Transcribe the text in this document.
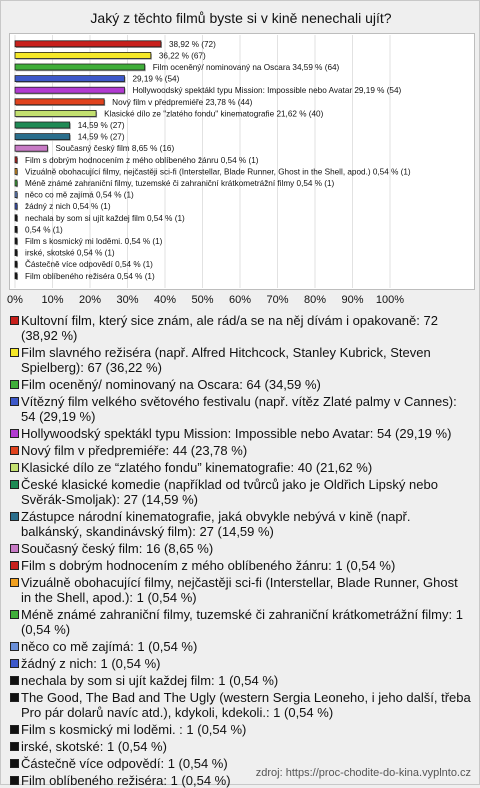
Jaký z těchto filmů byste si v kině nenechali ujít?
38,92 % (72)
36,22 % (67)
Film oceněný/ nominovaný na Oscara 34,59 % (64)
29,19 % (54)
Hollywoodský spektákl typu Mission: Impossible nebo Avatar 29,19 % (54)
Nový film v předpremiéře 23,78 % (44)
Klasické dílo ze "zlatého fondu" kinematografie 21,62 % (40)
14,59 % (27)
14,59 % (27)
Současný český film 8,65 % (16)
Film s dobrým hodnocením z mého oblíbeného žánru 0,54 % (1)
Vizuálně obohacující filmy, nejčastěji sci-fi (Interstellar, Blade Runner, Ghost in the Shell, apod.) 0,54 % (1)
Méně známé zahraniční filmy, tuzemské či zahraniční krátkometrážní filmy 0,54 % (1)
něco co mě zajímá 0,54 % (1)
žádný z nich 0,54 % (1)
nechala by som si ujít každej film 0,54 % (1)
0,54 % (1)
Film s kosmický mi loděmi. 0,54 % (1)
irské, skotské 0,54 % (1)
Částečně více odpovědí 0,54 % (1)
Film oblíbeného režiséra 0,54 % (1)
Kultovní film, který sice znám, ale rád/a se na něj dívám i opakovaně: 72 (38,92 %)
Film slavného režiséra (např. Alfred Hitchcock, Stanley Kubrick, Steven Spielberg): 67 (36,22 %)
Film oceněný/ nominovaný na Oscara: 64 (34,59 %)
Vítězný film velkého světového festivalu (např. vítěz Zlaté palmy v Cannes): 54 (29,19 %)
Hollywoodský spektákl typu Mission: Impossible nebo Avatar: 54 (29,19 %)
Nový film v předpremiéře: 44 (23,78 %)
Klasické dílo ze “zlatého fondu” kinematografie: 40 (21,62 %)
České klasické komedie (například od tvůrců jako je Oldřich Lipský nebo Svěrák-Smoljak): 27 (14,59 %)
Zástupce národní kinematografie, jaká obvykle nebývá v kině (např. balkánský, skandinávský film): 27 (14,59 %)
Současný český film: 16 (8,65 %)
Film s dobrým hodnocením z mého oblíbeného žánru: 1 (0,54 %)
Vizuálně obohacující filmy, nejčastěji sci-fi (Interstellar, Blade Runner, Ghost in the Shell, apod.): 1 (0,54 %)
Méně známé zahraniční filmy, tuzemské či zahraniční krátkometrážní filmy: 1 (0,54 %)
něco co mě zajímá: 1 (0,54 %)
žádný z nich: 1 (0,54 %)
nechala by som si ujít každej film: 1 (0,54 %)
The Good, The Bad and The Ugly (western Sergia Leoneho, i jeho další, třeba Pro pár dolarů navíc atd.), kdykoli, kdekoli.: 1 (0,54 %)
Film s kosmický mi loděmi. : 1 (0,54 %)
irské, skotské: 1 (0,54 %)
Částečně více odpovědí: 1 (0,54 %)
Film oblíbeného režiséra: 1 (0,54 %)	zdroj: https://proc-chodite-do-kina.vyplnto.cz
0% 10% 20% 30% 40% 50% 60% 70% 80% 90% 100%
